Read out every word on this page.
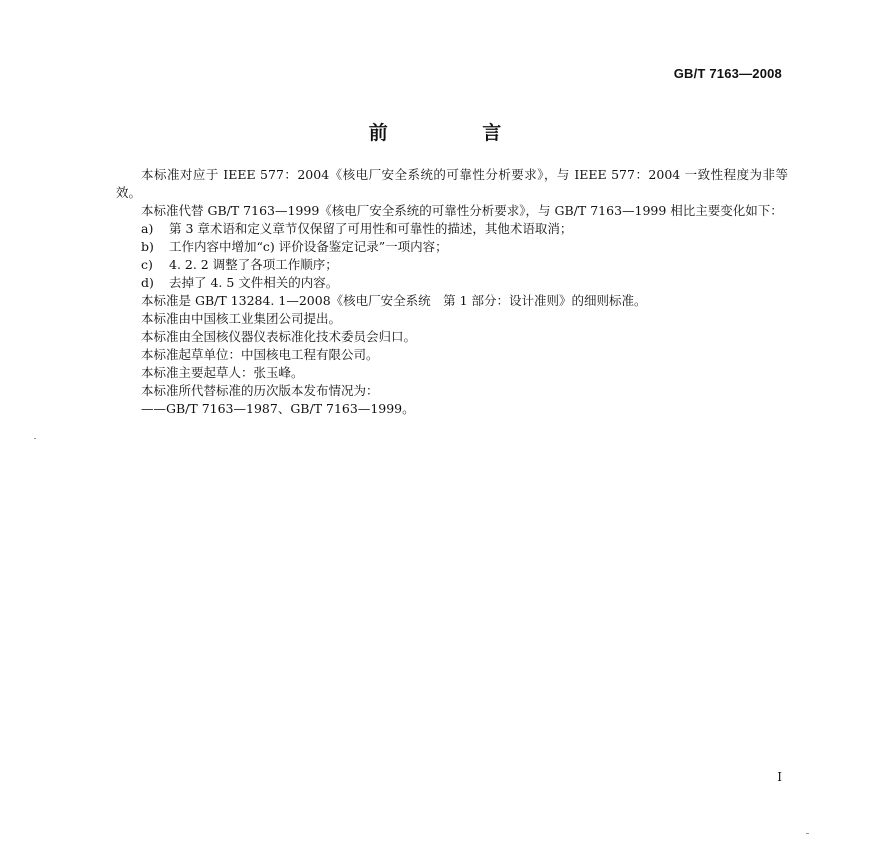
GB/T 7163—2008
前 言

本标准对应于 IEEE 577：2004《核电厂安全系统的可靠性分析要求》，与 IEEE 577：2004 一致性程度为非等效。

本标准代替 GB/T 7163—1999《核电厂安全系统的可靠性分析要求》，与 GB/T 7163—1999 相比主要变化如下：

a) 第 3 章术语和定义章节仅保留了可用性和可靠性的描述，其他术语取消；

b) 工作内容中增加“c) 评价设备鉴定记录”一项内容；

c) 4. 2. 2 调整了各项工作顺序；

d) 去掉了 4. 5 文件相关的内容。

本标准是 GB/T 13284. 1—2008《核电厂安全系统　第 1 部分：设计准则》的细则标准。

本标准由中国核工业集团公司提出。

本标准由全国核仪器仪表标准化技术委员会归口。

本标准起草单位：中国核电工程有限公司。

本标准主要起草人：张玉峰。

本标准所代替标准的历次版本发布情况为：

——GB/T 7163—1987、GB/T 7163—1999。

I
